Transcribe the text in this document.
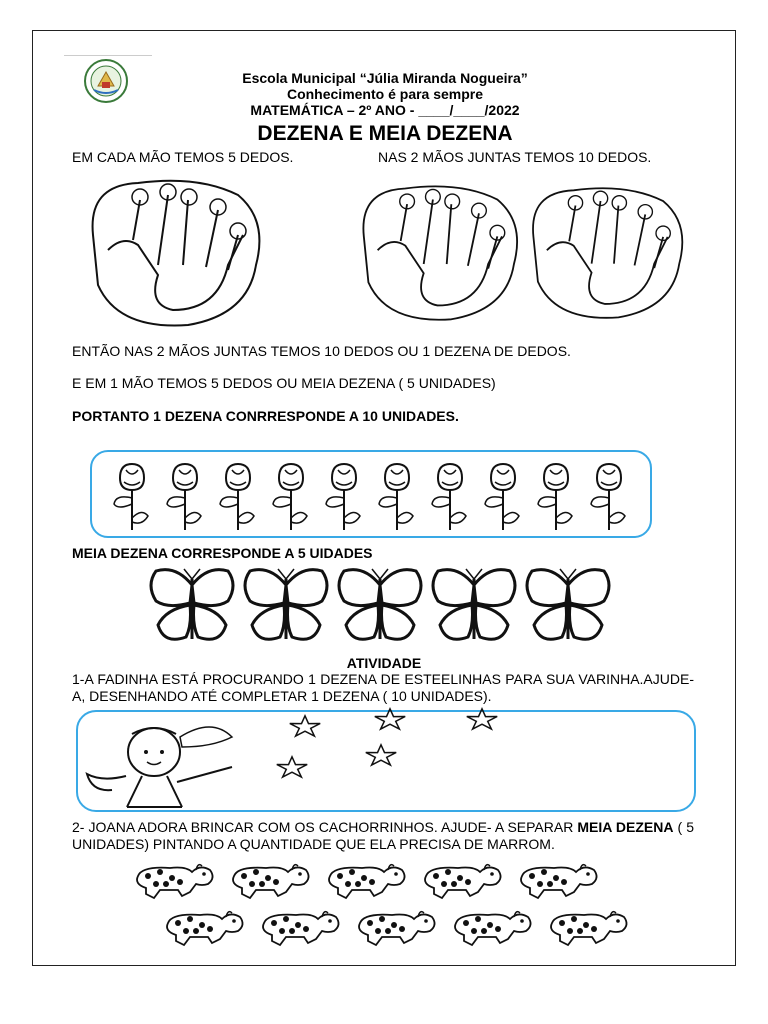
Escola Municipal “Júlia Miranda Nogueira”
Conhecimento é para sempre
MATEMÁTICA – 2º ANO - ____/____/2022
DEZENA E MEIA DEZENA
EM CADA MÃO TEMOS 5 DEDOS.	NAS 2 MÃOS JUNTAS TEMOS 10 DEDOS.
ENTÃO NAS 2 MÃOS JUNTAS TEMOS 10 DEDOS OU 1 DEZENA DE DEDOS.
E EM 1 MÃO TEMOS 5 DEDOS OU MEIA DEZENA ( 5 UNIDADES)
PORTANTO 1 DEZENA CONRRESPONDE A 10 UNIDADES.
MEIA DEZENA CORRESPONDE A 5 UIDADES
ATIVIDADE
1-A FADINHA ESTÁ PROCURANDO 1 DEZENA DE ESTEELINHAS PARA SUA VARINHA.AJUDE-A, DESENHANDO ATÉ COMPLETAR 1 DEZENA ( 10 UNIDADES).
2- JOANA ADORA BRINCAR COM OS CACHORRINHOS. AJUDE- A SEPARAR MEIA DEZENA ( 5 UNIDADES) PINTANDO A QUANTIDADE QUE ELA PRECISA DE MARROM.
